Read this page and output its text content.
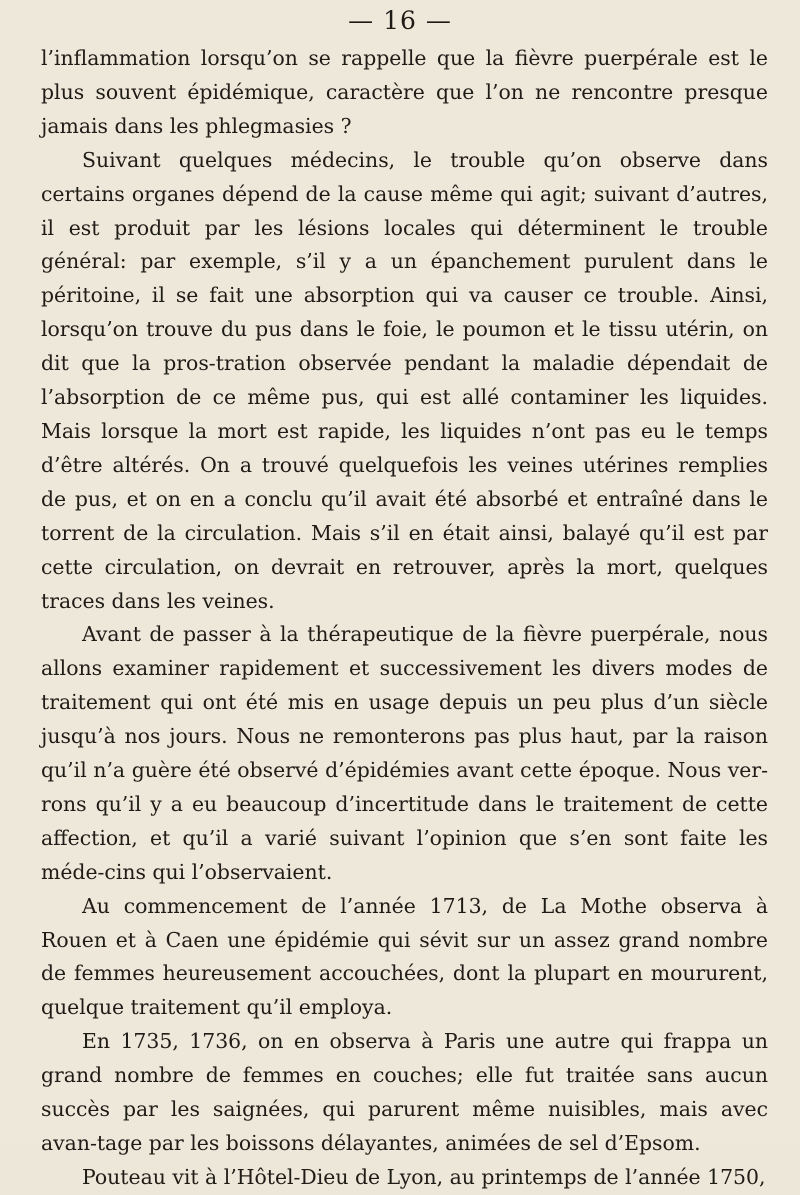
— 16 —

l’inflammation lorsqu’on se rappelle que la fièvre puerpérale est le plus souvent épidémique, caractère que l’on ne rencontre presque jamais dans les phlegmasies ?

Suivant quelques médecins, le trouble qu’on observe dans certains organes dépend de la cause même qui agit; suivant d’autres, il est produit par les lésions locales qui déterminent le trouble général: par exemple, s’il y a un épanchement purulent dans le péritoine, il se fait une absorption qui va causer ce trouble. Ainsi, lorsqu’on trouve du pus dans le foie, le poumon et le tissu utérin, on dit que la pros-tration observée pendant la maladie dépendait de l’absorption de ce même pus, qui est allé contaminer les liquides. Mais lorsque la mort est rapide, les liquides n’ont pas eu le temps d’être altérés. On a trouvé quelquefois les veines utérines remplies de pus, et on en a conclu qu’il avait été absorbé et entraîné dans le torrent de la circulation. Mais s’il en était ainsi, balayé qu’il est par cette circulation, on devrait en retrouver, après la mort, quelques traces dans les veines.

Avant de passer à la thérapeutique de la fièvre puerpérale, nous allons examiner rapidement et successivement les divers modes de traitement qui ont été mis en usage depuis un peu plus d’un siècle jusqu’à nos jours. Nous ne remonterons pas plus haut, par la raison qu’il n’a guère été observé d’épidémies avant cette époque. Nous ver-rons qu’il y a eu beaucoup d’incertitude dans le traitement de cette affection, et qu’il a varié suivant l’opinion que s’en sont faite les méde-cins qui l’observaient.

Au commencement de l’année 1713, de La Mothe observa à Rouen et à Caen une épidémie qui sévit sur un assez grand nombre de femmes heureusement accouchées, dont la plupart en moururent, quelque traitement qu’il employa.

En 1735, 1736, on en observa à Paris une autre qui frappa un grand nombre de femmes en couches; elle fut traitée sans aucun succès par les saignées, qui parurent même nuisibles, mais avec avan-tage par les boissons délayantes, animées de sel d’Epsom.

Pouteau vit à l’Hôtel-Dieu de Lyon, au printemps de l’année 1750,
